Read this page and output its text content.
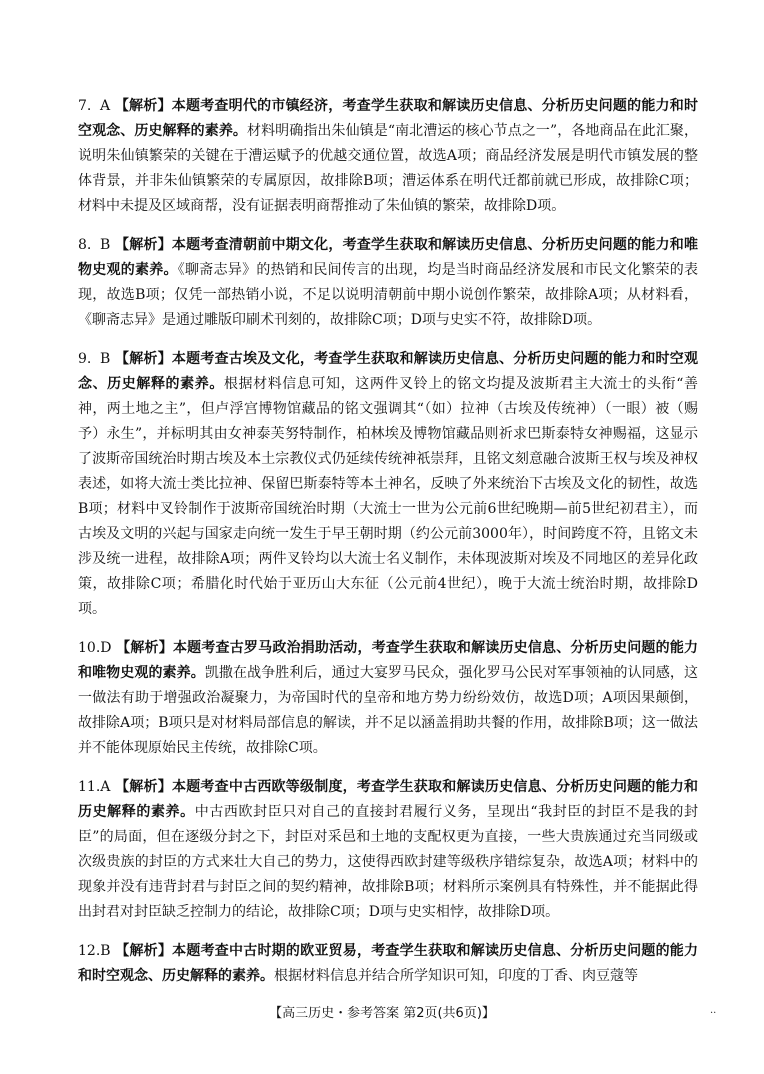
7. A 【解析】本题考查明代的市镇经济，考查学生获取和解读历史信息、分析历史问题的能力和时空观念、历史解释的素养。材料明确指出朱仙镇是“南北漕运的核心节点之一”，各地商品在此汇聚，说明朱仙镇繁荣的关键在于漕运赋予的优越交通位置，故选A项；商品经济发展是明代市镇发展的整体背景，并非朱仙镇繁荣的专属原因，故排除B项；漕运体系在明代迁都前就已形成，故排除C项；材料中未提及区域商帮，没有证据表明商帮推动了朱仙镇的繁荣，故排除D项。

8. B 【解析】本题考查清朝前中期文化，考查学生获取和解读历史信息、分析历史问题的能力和唯物史观的素养。《聊斋志异》的热销和民间传言的出现，均是当时商品经济发展和市民文化繁荣的表现，故选B项；仅凭一部热销小说，不足以说明清朝前中期小说创作繁荣，故排除A项；从材料看，《聊斋志异》是通过雕版印刷术刊刻的，故排除C项；D项与史实不符，故排除D项。

9. B 【解析】本题考查古埃及文化，考查学生获取和解读历史信息、分析历史问题的能力和时空观念、历史解释的素养。根据材料信息可知，这两件叉铃上的铭文均提及波斯君主大流士的头衔“善神，两土地之主”，但卢浮宫博物馆藏品的铭文强调其“（如）拉神（古埃及传统神）（一眼）被（赐予）永生”，并标明其由女神泰芙努特制作，柏林埃及博物馆藏品则祈求巴斯泰特女神赐福，这显示了波斯帝国统治时期古埃及本土宗教仪式仍延续传统神祇崇拜，且铭文刻意融合波斯王权与埃及神权表述，如将大流士类比拉神、保留巴斯泰特等本土神名，反映了外来统治下古埃及文化的韧性，故选B项；材料中叉铃制作于波斯帝国统治时期（大流士一世为公元前6世纪晚期—前5世纪初君主），而古埃及文明的兴起与国家走向统一发生于早王朝时期（约公元前3000年），时间跨度不符，且铭文未涉及统一进程，故排除A项；两件叉铃均以大流士名义制作，未体现波斯对埃及不同地区的差异化政策，故排除C项；希腊化时代始于亚历山大东征（公元前4世纪），晚于大流士统治时期，故排除D项。

10.D 【解析】本题考查古罗马政治捐助活动，考查学生获取和解读历史信息、分析历史问题的能力和唯物史观的素养。凯撒在战争胜利后，通过大宴罗马民众，强化罗马公民对军事领袖的认同感，这一做法有助于增强政治凝聚力，为帝国时代的皇帝和地方势力纷纷效仿，故选D项；A项因果颠倒，故排除A项；B项只是对材料局部信息的解读，并不足以涵盖捐助共餐的作用，故排除B项；这一做法并不能体现原始民主传统，故排除C项。

11.A 【解析】本题考查中古西欧等级制度，考查学生获取和解读历史信息、分析历史问题的能力和历史解释的素养。中古西欧封臣只对自己的直接封君履行义务，呈现出“我封臣的封臣不是我的封臣”的局面，但在逐级分封之下，封臣对采邑和土地的支配权更为直接，一些大贵族通过充当同级或次级贵族的封臣的方式来壮大自己的势力，这使得西欧封建等级秩序错综复杂，故选A项；材料中的现象并没有违背封君与封臣之间的契约精神，故排除B项；材料所示案例具有特殊性，并不能据此得出封君对封臣缺乏控制力的结论，故排除C项；D项与史实相悖，故排除D项。

12.B 【解析】本题考查中古时期的欧亚贸易，考查学生获取和解读历史信息、分析历史问题的能力和时空观念、历史解释的素养。根据材料信息并结合所学知识可知，印度的丁香、肉豆蔻等

【高三历史・参考答案 第2页(共6页)】	··
